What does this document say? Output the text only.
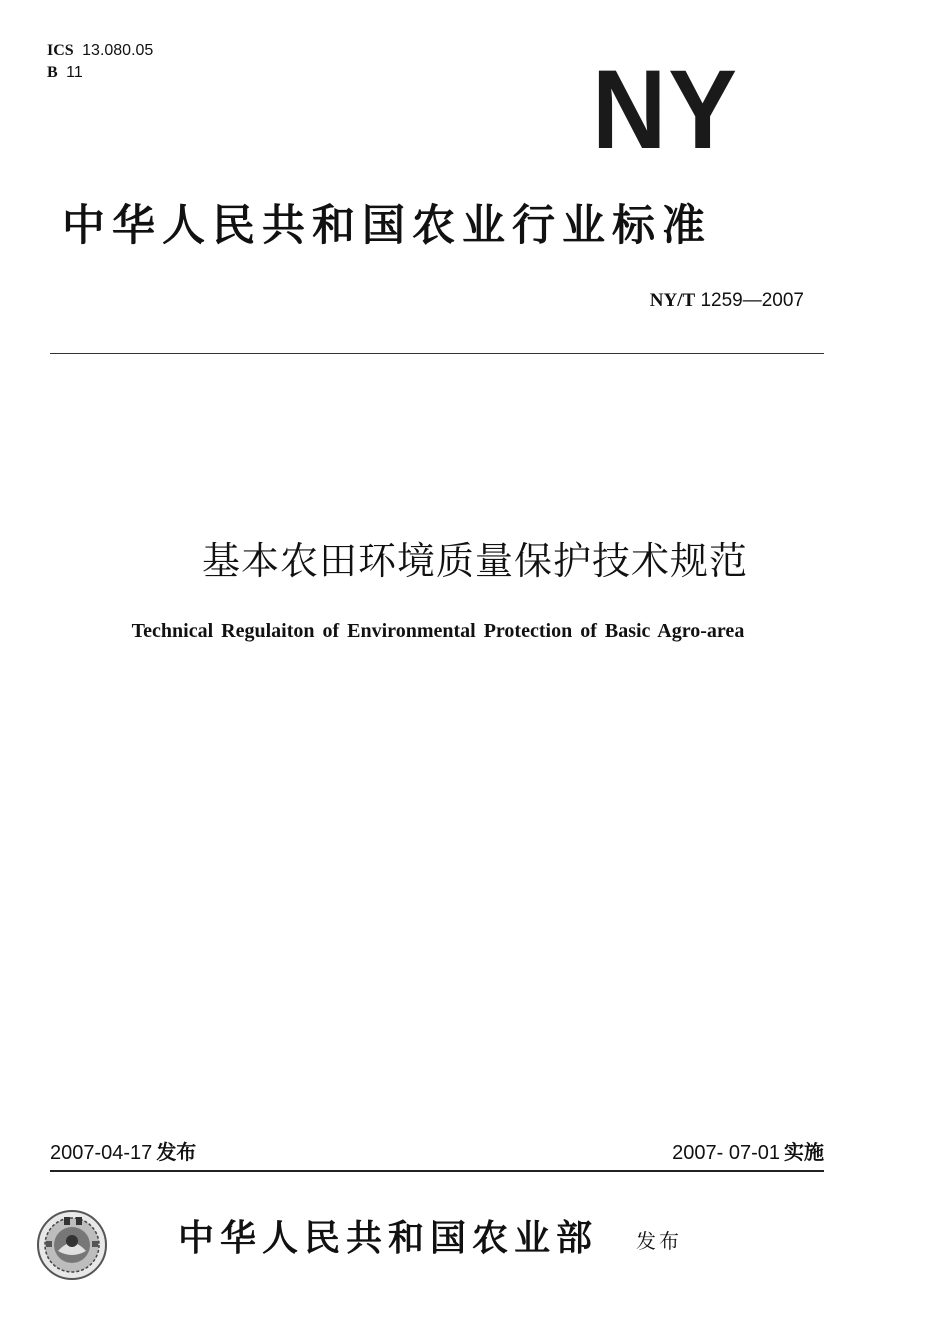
ICS 13.080.05
B 11	NY
中华人民共和国农业行业标准
NY/T 1259—2007
基本农田环境质量保护技术规范
Technical Regulaiton of Environmental Protection of Basic Agro-area
2007-04-17 发布	2007- 07-01 实施
中华人民共和国农业部 发布
